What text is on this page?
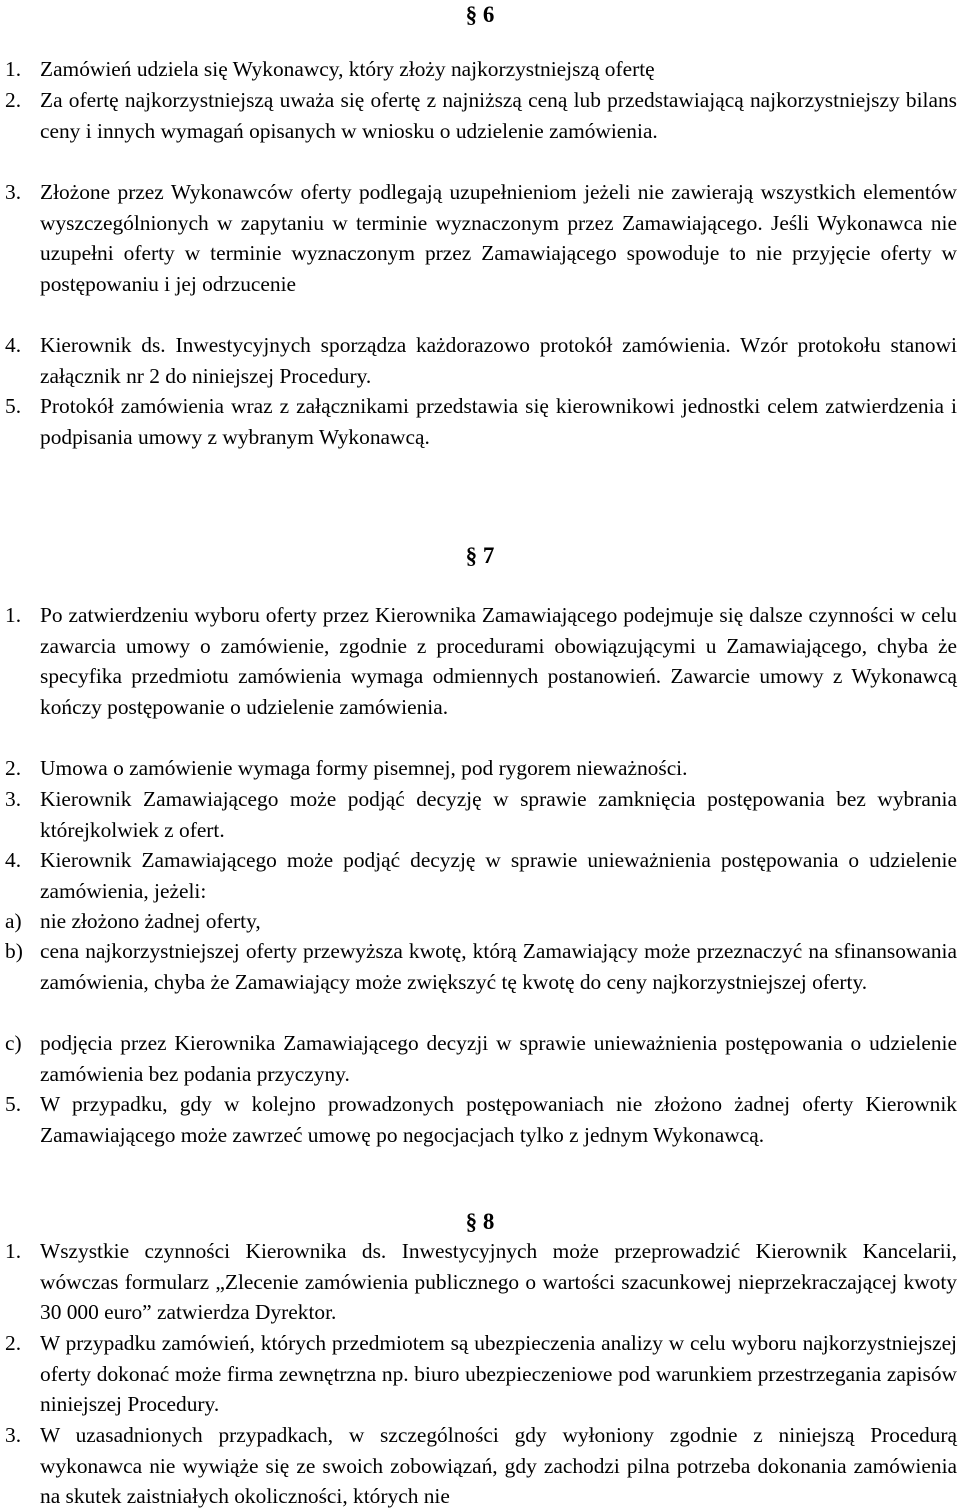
§ 6
1. Zamówień udziela się Wykonawcy, który złoży najkorzystniejszą ofertę
2. Za ofertę najkorzystniejszą uważa się ofertę z najniższą ceną lub przedstawiającą najkorzystniejszy bilans ceny i innych wymagań opisanych w wniosku o udzielenie zamówienia.
3. Złożone przez Wykonawców oferty podlegają uzupełnieniom jeżeli nie zawierają wszystkich elementów wyszczególnionych w zapytaniu w terminie wyznaczonym przez Zamawiającego. Jeśli Wykonawca nie uzupełni oferty w terminie wyznaczonym przez Zamawiającego spowoduje to nie przyjęcie oferty w postępowaniu i jej odrzucenie
4. Kierownik ds. Inwestycyjnych sporządza każdorazowo protokół zamówienia. Wzór protokołu stanowi załącznik nr 2 do niniejszej Procedury.
5. Protokół zamówienia wraz z załącznikami przedstawia się kierownikowi jednostki celem zatwierdzenia i podpisania umowy z wybranym Wykonawcą.
§ 7
1. Po zatwierdzeniu wyboru oferty przez Kierownika Zamawiającego podejmuje się dalsze czynności w celu zawarcia umowy o zamówienie, zgodnie z procedurami obowiązującymi u Zamawiającego, chyba że specyfika przedmiotu zamówienia wymaga odmiennych postanowień. Zawarcie umowy z Wykonawcą kończy postępowanie o udzielenie zamówienia.
2. Umowa o zamówienie wymaga formy pisemnej, pod rygorem nieważności.
3. Kierownik Zamawiającego może podjąć decyzję w sprawie zamknięcia postępowania bez wybrania którejkolwiek z ofert.
4. Kierownik Zamawiającego może podjąć decyzję w sprawie unieważnienia postępowania o udzielenie zamówienia, jeżeli:
a) nie złożono żadnej oferty,
b) cena najkorzystniejszej oferty przewyższa kwotę, którą Zamawiający może przeznaczyć na sfinansowania zamówienia, chyba że Zamawiający może zwiększyć tę kwotę do ceny najkorzystniejszej oferty.
c) podjęcia przez Kierownika Zamawiającego decyzji w sprawie unieważnienia postępowania o udzielenie zamówienia bez podania przyczyny.
5. W przypadku, gdy w kolejno prowadzonych postępowaniach nie złożono żadnej oferty Kierownik Zamawiającego może zawrzeć umowę po negocjacjach tylko z jednym Wykonawcą.
§ 8
1. Wszystkie czynności Kierownika ds. Inwestycyjnych może przeprowadzić Kierownik Kancelarii, wówczas formularz „Zlecenie zamówienia publicznego o wartości szacunkowej nieprzekraczającej kwoty 30 000 euro” zatwierdza Dyrektor.
2. W przypadku zamówień, których przedmiotem są ubezpieczenia analizy w celu wyboru najkorzystniejszej oferty dokonać może firma zewnętrzna np. biuro ubezpieczeniowe pod warunkiem przestrzegania zapisów niniejszej Procedury.
3. W uzasadnionych przypadkach, w szczególności gdy wyłoniony zgodnie z niniejszą Procedurą wykonawca nie wywiąże się ze swoich zobowiązań, gdy zachodzi pilna potrzeba dokonania zamówienia na skutek zaistniałych okoliczności, których nie
